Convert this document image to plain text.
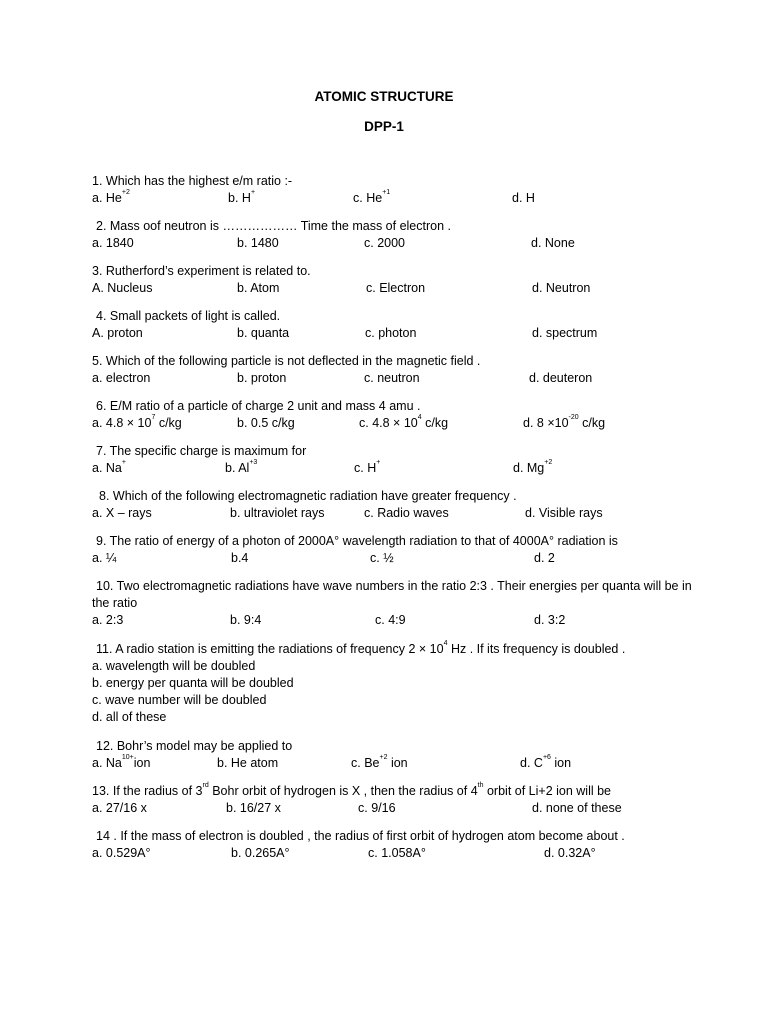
ATOMIC STRUCTURE
DPP-1
1. Which has the highest e/m ratio :-
a. $He^{+2}$	b. H+	c. $He^{+1}$	d. H
2. Mass oof neutron is ……………… Time the mass of electron .
a. 1840	b. 1480	c. 2000	d. None
3. Rutherford’s experiment is related to.
A. Nucleus	b. Atom	c. Electron	d. Neutron
4. Small packets of light is called.
A. proton	b. quanta	c. photon	d. spectrum
5. Which of the following particle is not deflected in the magnetic field .
a. electron	b. proton	c. neutron	d. deuteron
6. E/M ratio of a particle of charge 2 unit and mass 4 amu .
a. $4.8 \times 10^7$ c/kg	b. 0.5 c/kg	c. $4.8 \times 10^4$ c/kg	d. $8 \times 10^{-20}$ c/kg
7. The specific charge is maximum for
a. Na+	b. $Al^{+3}$	c. H+	d. $Mg^{+2}$
8. Which of the following electromagnetic radiation have greater frequency .
a. X – rays	b. ultraviolet rays	c. Radio waves	d. Visible rays
9. The ratio of energy of a photon of 2000A° wavelength radiation to that of 4000A° radiation is
a. ¼	b.4	c. ½	d. 2
10. Two electromagnetic radiations have wave numbers in the ratio 2:3 . Their energies per quanta will be in the ratio
a. 2:3	b. 9:4	c. 4:9	d. 3:2
11. A radio station is emitting the radiations of frequency $2 \times 10^4$ Hz . If its frequency is doubled .
a. wavelength will be doubled
b. energy per quanta will be doubled
c. wave number will be doubled
d. all of these
12. Bohr’s model may be applied to
a. $Na^{10+}ion$	b. He atom	c. $Be^{+2}$ ion	d. $C^{+6}$ ion
13. If the radius of 3rd Bohr orbit of hydrogen is X , then the radius of 4th orbit of Li+2 ion will be
a. 27/16 x	b. 16/27 x	c. 9/16	d. none of these
14 . If the mass of electron is doubled , the radius of first orbit of hydrogen atom become about .
a. 0.529A°	b. 0.265A°	c. 1.058A°	d. 0.32A°
